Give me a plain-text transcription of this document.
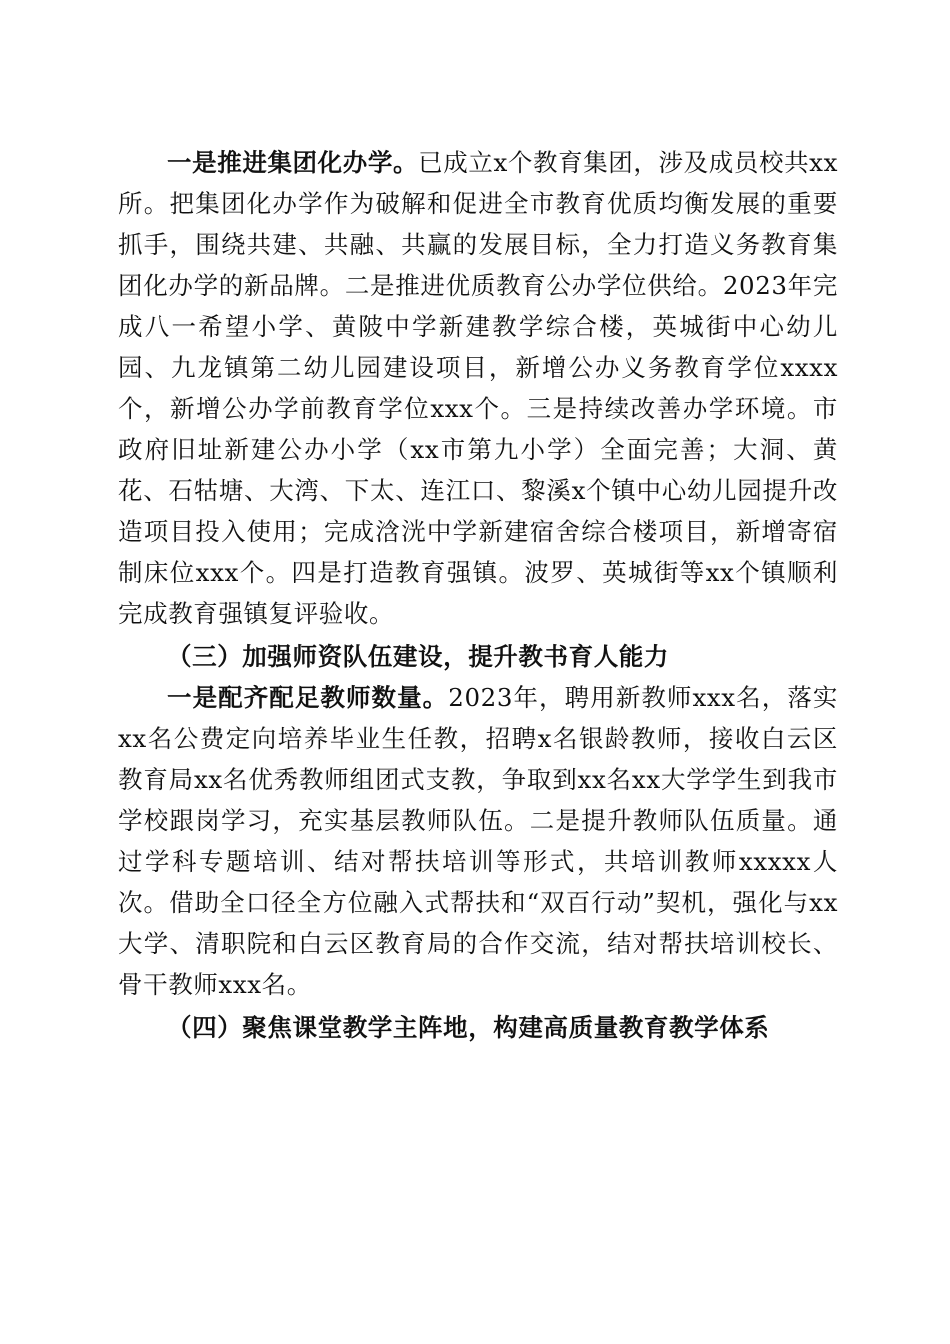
一是推进集团化办学。已成立x个教育集团，涉及成员校共xx所。把集团化办学作为破解和促进全市教育优质均衡发展的重要抓手，围绕共建、共融、共赢的发展目标，全力打造义务教育集团化办学的新品牌。二是推进优质教育公办学位供给。2023年完成八一希望小学、黄陂中学新建教学综合楼，英城街中心幼儿园、九龙镇第二幼儿园建设项目，新增公办义务教育学位xxxx个，新增公办学前教育学位xxx个。三是持续改善办学环境。市政府旧址新建公办小学（xx市第九小学）全面完善；大洞、黄花、石牯塘、大湾、下太、连江口、黎溪x个镇中心幼儿园提升改造项目投入使用；完成浛洸中学新建宿舍综合楼项目，新增寄宿制床位xxx个。四是打造教育强镇。波罗、英城街等xx个镇顺利完成教育强镇复评验收。

（三）加强师资队伍建设，提升教书育人能力

一是配齐配足教师数量。2023年，聘用新教师xxx名，落实xx名公费定向培养毕业生任教，招聘x名银龄教师，接收白云区教育局xx名优秀教师组团式支教，争取到xx名xx大学学生到我市学校跟岗学习，充实基层教师队伍。二是提升教师队伍质量。通过学科专题培训、结对帮扶培训等形式，共培训教师xxxxx人次。借助全口径全方位融入式帮扶和“双百行动”契机，强化与xx大学、清职院和白云区教育局的合作交流，结对帮扶培训校长、骨干教师xxx名。

（四）聚焦课堂教学主阵地，构建高质量教育教学体系
